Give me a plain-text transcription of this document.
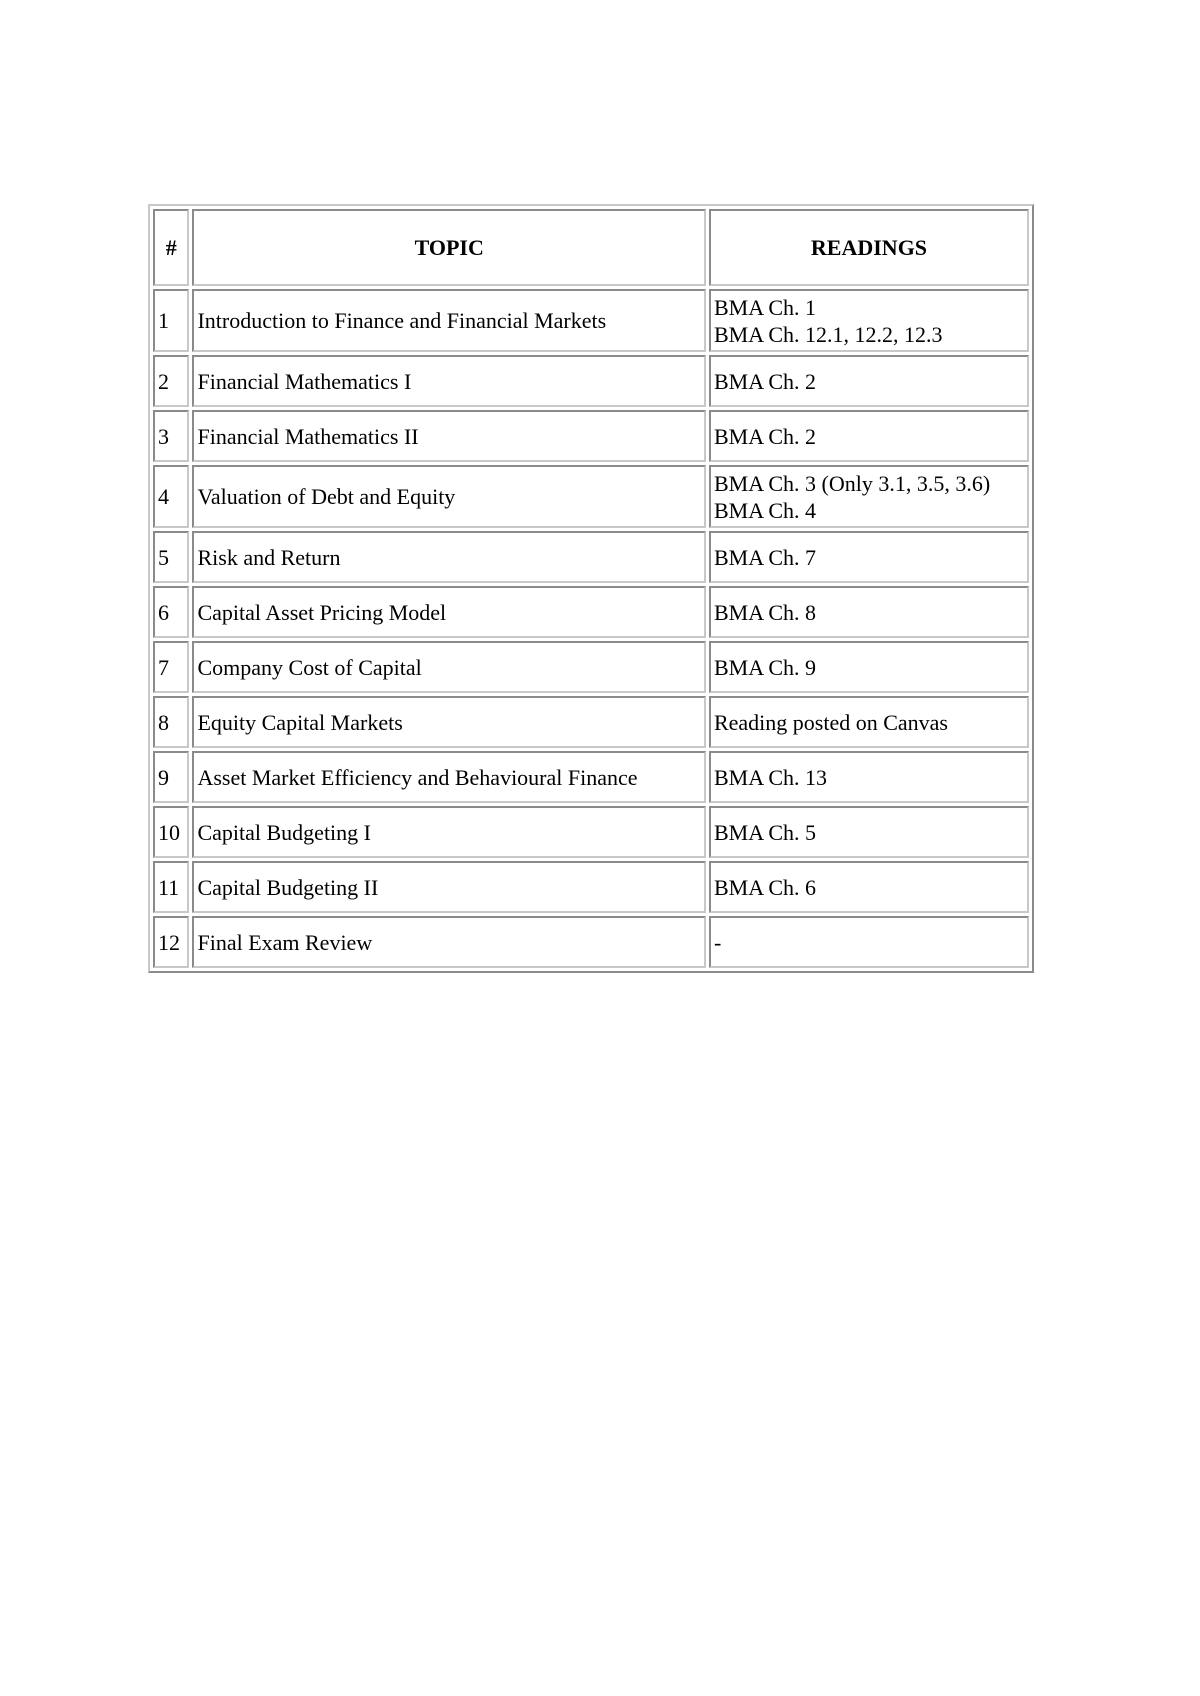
#	TOPIC	READINGS
1	Introduction to Finance and Financial Markets	BMA Ch. 1
BMA Ch. 12.1, 12.2, 12.3

2	Financial Mathematics I	BMA Ch. 2

3	Financial Mathematics II	BMA Ch. 2

4	Valuation of Debt and Equity	BMA Ch. 3 (Only 3.1, 3.5, 3.6)
BMA Ch. 4

5	Risk and Return	BMA Ch. 7

6	Capital Asset Pricing Model	BMA Ch. 8

7	Company Cost of Capital	BMA Ch. 9

8	Equity Capital Markets	Reading posted on Canvas

9	Asset Market Efficiency and Behavioural Finance	BMA Ch. 13

10	Capital Budgeting I	BMA Ch. 5

11	Capital Budgeting II	BMA Ch. 6

12	Final Exam Review	-
